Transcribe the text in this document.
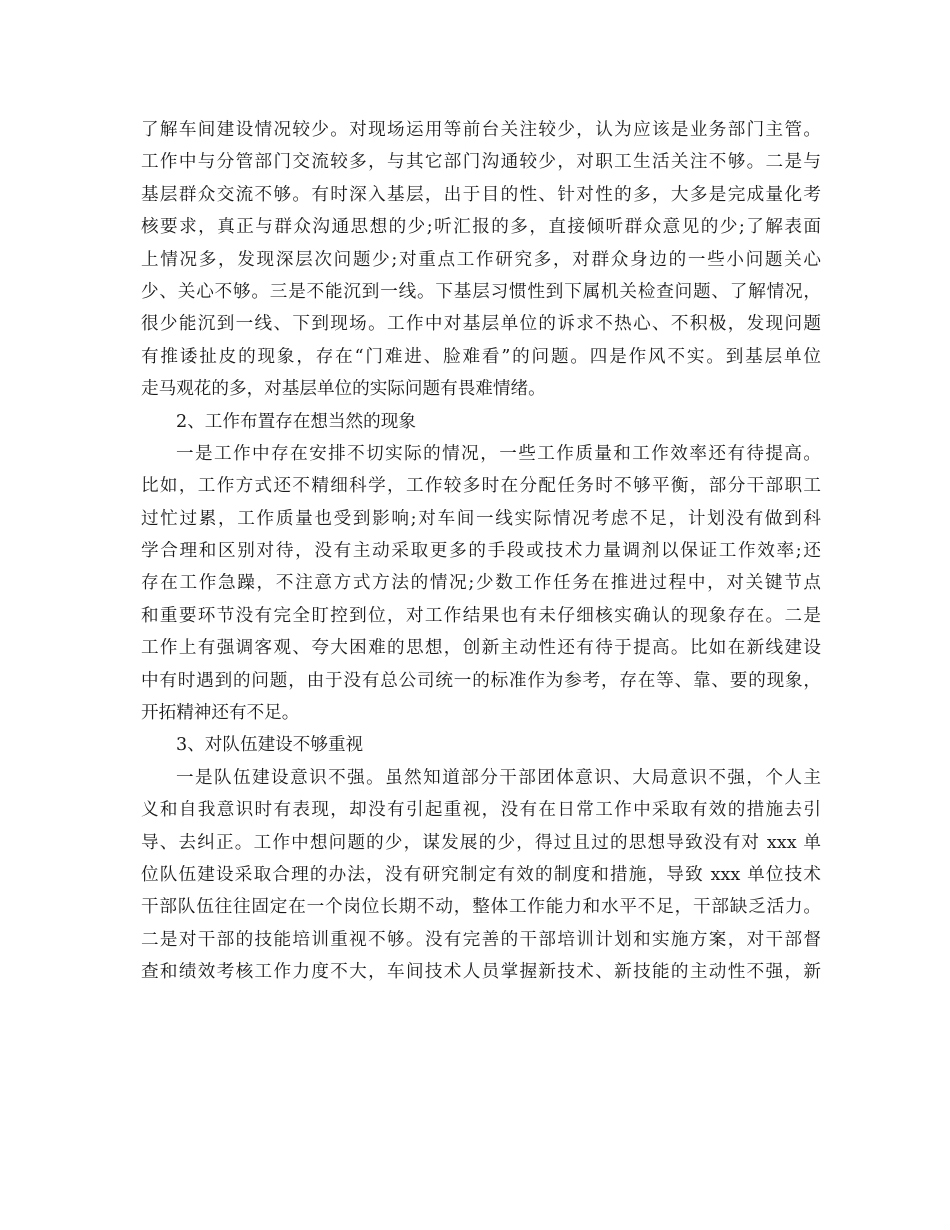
了解车间建设情况较少。对现场运用等前台关注较少，认为应该是业务部门主管。
工作中与分管部门交流较多，与其它部门沟通较少，对职工生活关注不够。二是与
基层群众交流不够。有时深入基层，出于目的性、针对性的多，大多是完成量化考
核要求，真正与群众沟通思想的少;听汇报的多，直接倾听群众意见的少;了解表面
上情况多，发现深层次问题少;对重点工作研究多，对群众身边的一些小问题关心
少、关心不够。三是不能沉到一线。下基层习惯性到下属机关检查问题、了解情况，
很少能沉到一线、下到现场。工作中对基层单位的诉求不热心、不积极，发现问题
有推诿扯皮的现象，存在“门难进、脸难看”的问题。四是作风不实。到基层单位
走马观花的多，对基层单位的实际问题有畏难情绪。
2、工作布置存在想当然的现象
一是工作中存在安排不切实际的情况，一些工作质量和工作效率还有待提高。
比如，工作方式还不精细科学，工作较多时在分配任务时不够平衡，部分干部职工
过忙过累，工作质量也受到影响;对车间一线实际情况考虑不足，计划没有做到科
学合理和区别对待，没有主动采取更多的手段或技术力量调剂以保证工作效率;还
存在工作急躁，不注意方式方法的情况;少数工作任务在推进过程中，对关键节点
和重要环节没有完全盯控到位，对工作结果也有未仔细核实确认的现象存在。二是
工作上有强调客观、夸大困难的思想，创新主动性还有待于提高。比如在新线建设
中有时遇到的问题，由于没有总公司统一的标准作为参考，存在等、靠、要的现象，
开拓精神还有不足。
3、对队伍建设不够重视
一是队伍建设意识不强。虽然知道部分干部团体意识、大局意识不强，个人主
义和自我意识时有表现，却没有引起重视，没有在日常工作中采取有效的措施去引
导、去纠正。工作中想问题的少，谋发展的少，得过且过的思想导致没有对 xxx 单
位队伍建设采取合理的办法，没有研究制定有效的制度和措施，导致 xxx 单位技术
干部队伍往往固定在一个岗位长期不动，整体工作能力和水平不足，干部缺乏活力。
二是对干部的技能培训重视不够。没有完善的干部培训计划和实施方案，对干部督
查和绩效考核工作力度不大，车间技术人员掌握新技术、新技能的主动性不强，新
